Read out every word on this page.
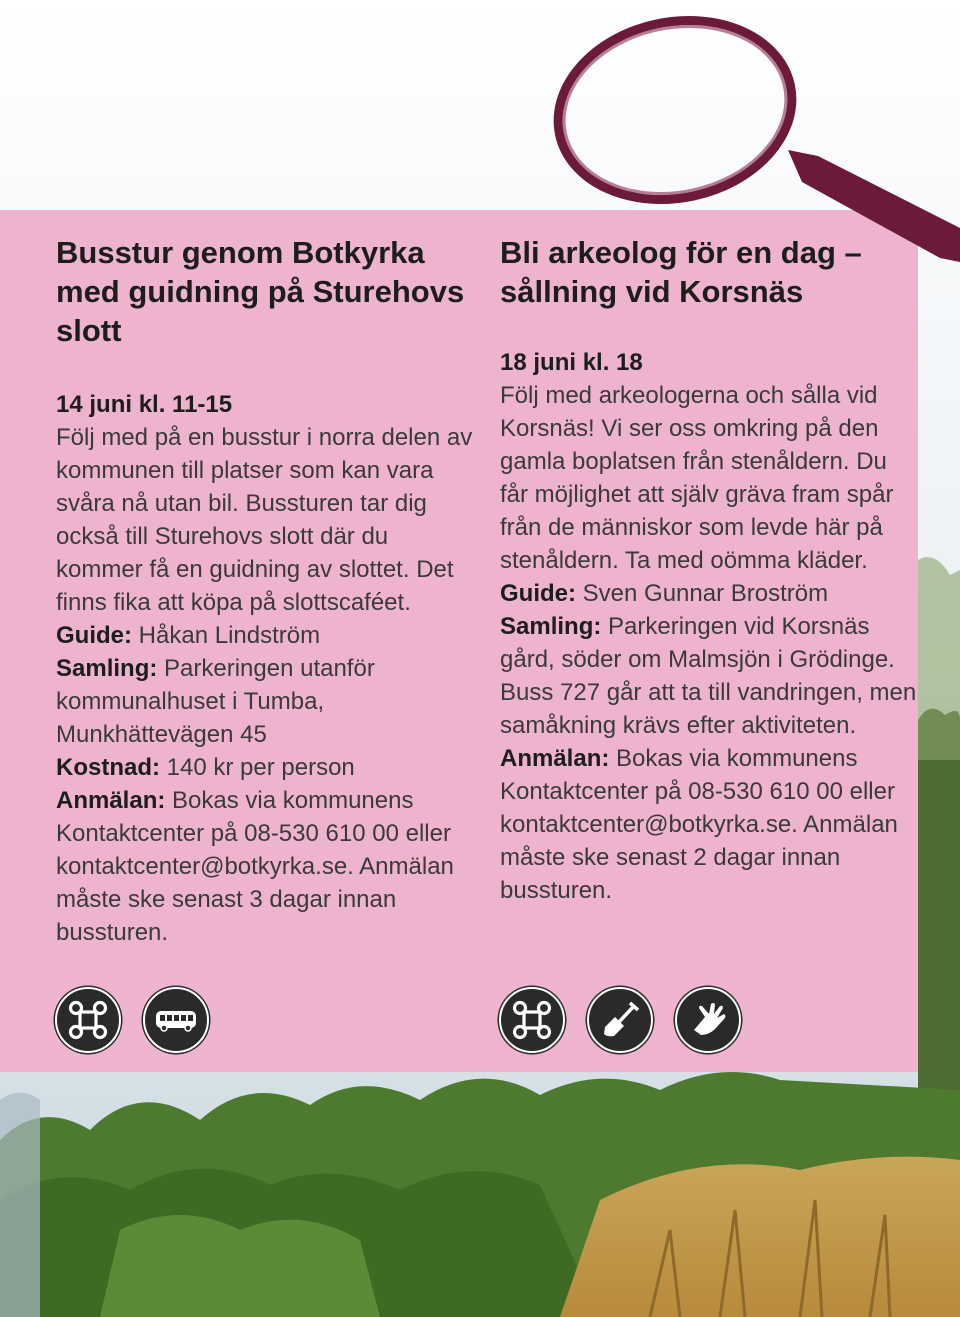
Busstur genom Botkyrka med guidning på Sturehovs slott
14 juni kl. 11-15

Följ med på en busstur i norra delen av kommunen till platser som kan vara svåra nå utan bil. Bussturen tar dig också till Sturehovs slott där du kommer få en guidning av slottet. Det finns fika att köpa på slottscaféet.

Guide: Håkan Lindström
Samling: Parkeringen utanför kommunalhuset i Tumba, Munkhättevägen 45
Kostnad: 140 kr per person
Anmälan: Bokas via kommunens Kontaktcenter på 08-530 610 00 eller kontaktcenter@botkyrka.se. Anmälan måste ske senast 3 dagar innan bussturen.
Bli arkeolog för en dag – sållning vid Korsnäs
18 juni kl. 18

Följ med arkeologerna och sålla vid Korsnäs! Vi ser oss omkring på den gamla boplatsen från stenåldern. Du får möjlighet att själv gräva fram spår från de människor som levde här på stenåldern. Ta med oömma kläder.

Guide: Sven Gunnar Broström
Samling: Parkeringen vid Korsnäs gård, söder om Malmsjön i Grödinge. Buss 727 går att ta till vandringen, men samåkning krävs efter aktiviteten.
Anmälan: Bokas via kommunens Kontaktcenter på 08-530 610 00 eller kontaktcenter@botkyrka.se. Anmälan måste ske senast 2 dagar innan bussturen.
